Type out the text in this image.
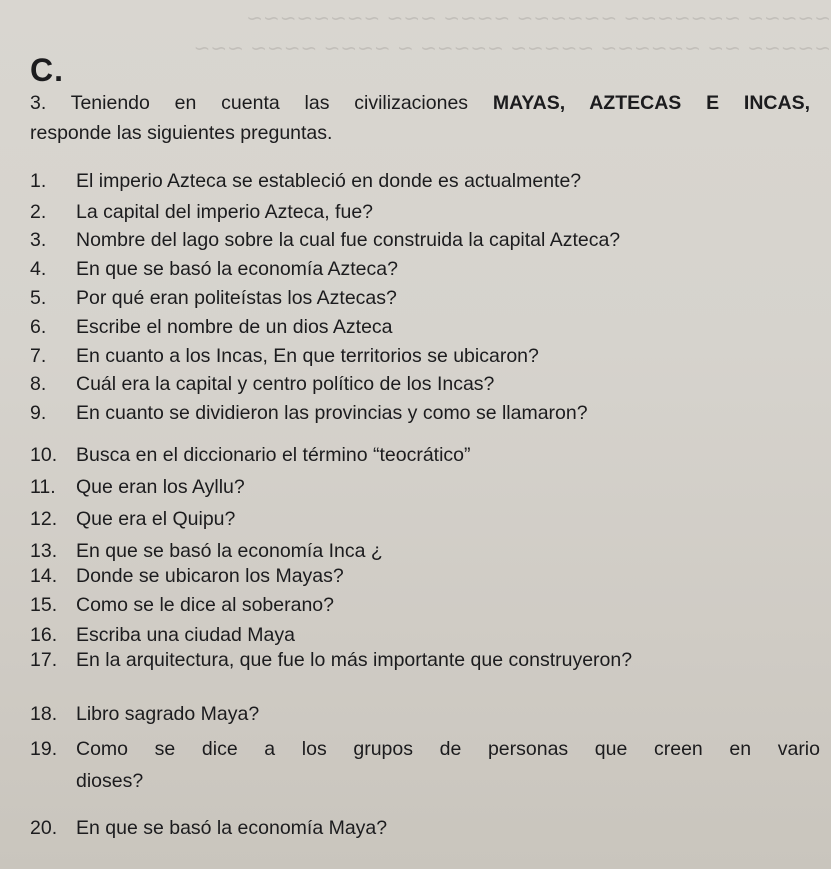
~~~~~ ~~~~~~~ ~~~~~~ ~~~~ ~~~ ~~~~~~~~
~~~~~ ~~ ~~~~~~ ~~~~~ ~~~~~ ~ ~~~~ ~~~~ ~~~
C.
3. Teniendo en cuenta las civilizaciones MAYAS, AZTECAS E INCAS,
responde las siguientes preguntas.
1. El imperio Azteca se estableció en donde es actualmente?
2. La capital del imperio Azteca, fue?
3. Nombre del lago sobre la cual fue construida la capital Azteca?
4. En que se basó la economía Azteca?
5. Por qué eran politeístas los Aztecas?
6. Escribe el nombre de un dios Azteca
7. En cuanto a los Incas, En que territorios se ubicaron?
8. Cuál era la capital y centro político de los Incas?
9. En cuanto se dividieron las provincias y como se llamaron?
10. Busca en el diccionario el término “teocrático”
11. Que eran los Ayllu?
12. Que era el Quipu?
13. En que se basó la economía Inca ¿
14. Donde se ubicaron los Mayas?
15. Como se le dice al soberano?
16. Escriba una ciudad Maya
17. En la arquitectura, que fue lo más importante que construyeron?
18. Libro sagrado Maya?
19. Como se dice a los grupos de personas que creen en vario
dioses?
20. En que se basó la economía Maya?
